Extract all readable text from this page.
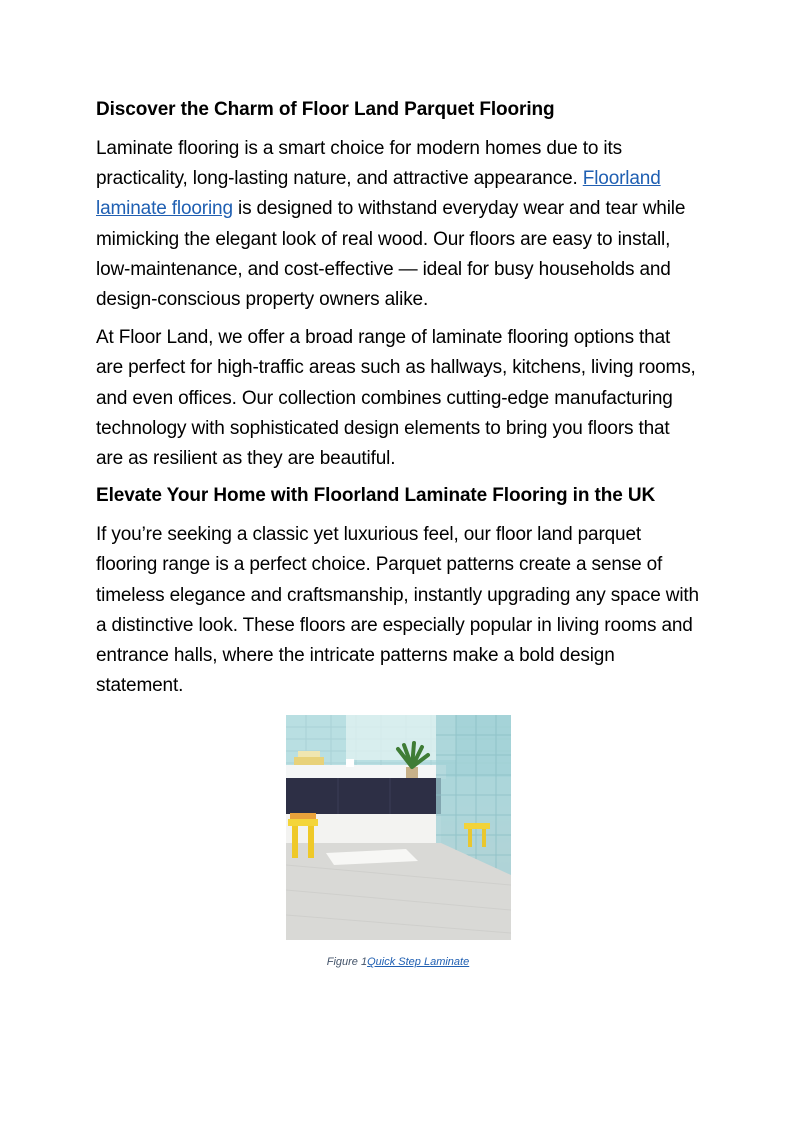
Discover the Charm of Floor Land Parquet Flooring

Laminate flooring is a smart choice for modern homes due to its practicality, long-lasting nature, and attractive appearance. Floorland laminate flooring is designed to withstand everyday wear and tear while mimicking the elegant look of real wood. Our floors are easy to install, low-maintenance, and cost-effective — ideal for busy households and design-conscious property owners alike.

At Floor Land, we offer a broad range of laminate flooring options that are perfect for high-traffic areas such as hallways, kitchens, living rooms, and even offices. Our collection combines cutting-edge manufacturing technology with sophisticated design elements to bring you floors that are as resilient as they are beautiful.

Elevate Your Home with Floorland Laminate Flooring in the UK

If you’re seeking a classic yet luxurious feel, our floor land parquet flooring range is a perfect choice. Parquet patterns create a sense of timeless elegance and craftsmanship, instantly upgrading any space with a distinctive look. These floors are especially popular in living rooms and entrance halls, where the intricate patterns make a bold design statement.

Figure 1Quick Step Laminate
